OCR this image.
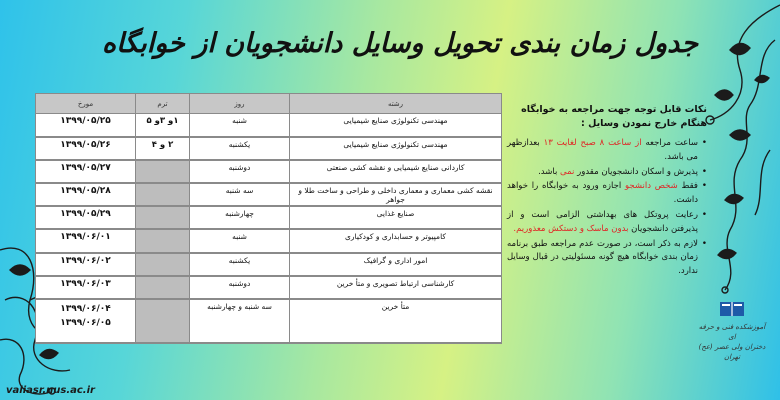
جدول زمان بندی تحویل وسایل دانشجویان از خوابگاه
رشته	روز	ترم	مورخ
مهندسی تکنولوژی صنایع شیمیایی	شنبه	۱و ۳و ۵	۱۳۹۹/۰۵/۲۵
مهندسی تکنولوژی صنایع شیمیایی	یکشنبه	۲ و ۴	۱۳۹۹/۰۵/۲۶
کاردانی صنایع شیمیایی و نقشه کشی صنعتی	دوشنبه		۱۳۹۹/۰۵/۲۷
نقشه کشی معماری و معماری داخلی و طراحی و ساخت طلا و جواهر	سه شنبه		۱۳۹۹/۰۵/۲۸
صنایع غذایی	چهارشنبه		۱۳۹۹/۰۵/۲۹
کامپیوتر و حسابداری و کودکیاری	شنبه		۱۳۹۹/۰۶/۰۱
امور اداری و گرافیک	یکشنبه		۱۳۹۹/۰۶/۰۲
کارشناسی ارتباط تصویری و متأ خرین	دوشنبه		۱۳۹۹/۰۶/۰۳
متأ خرین	سه شنبه و چهارشنبه		۱۳۹۹/۰۶/۰۴
۱۳۹۹/۰۶/۰۵
نکات قابل توجه جهت مراجعه به خوابگاه
هنگام خارج نمودن وسایل :
• ساعت مراجعه از ساعت ۸ صبح لغایت ۱۳ بعدازظهر می باشد.
• پذیرش و اسکان دانشجویان مقدور نمی باشد.
• فقط شخص دانشجو اجازه ورود به خوابگاه را خواهد داشت.
• رعایت پروتکل های بهداشتی الزامی است و از پذیرفتن دانشجویان بدون ماسک و دستکش معذوریم.
• لازم به ذکر است، در صورت عدم مراجعه طبق برنامه زمان بندی خوابگاه هیچ گونه مسئولیتی در قبال وسایل ندارد.
آموزشکده فنی و حرفه ای
دختران ولی عصر (عج)
تهران
valiasr.nus.ac.ir
